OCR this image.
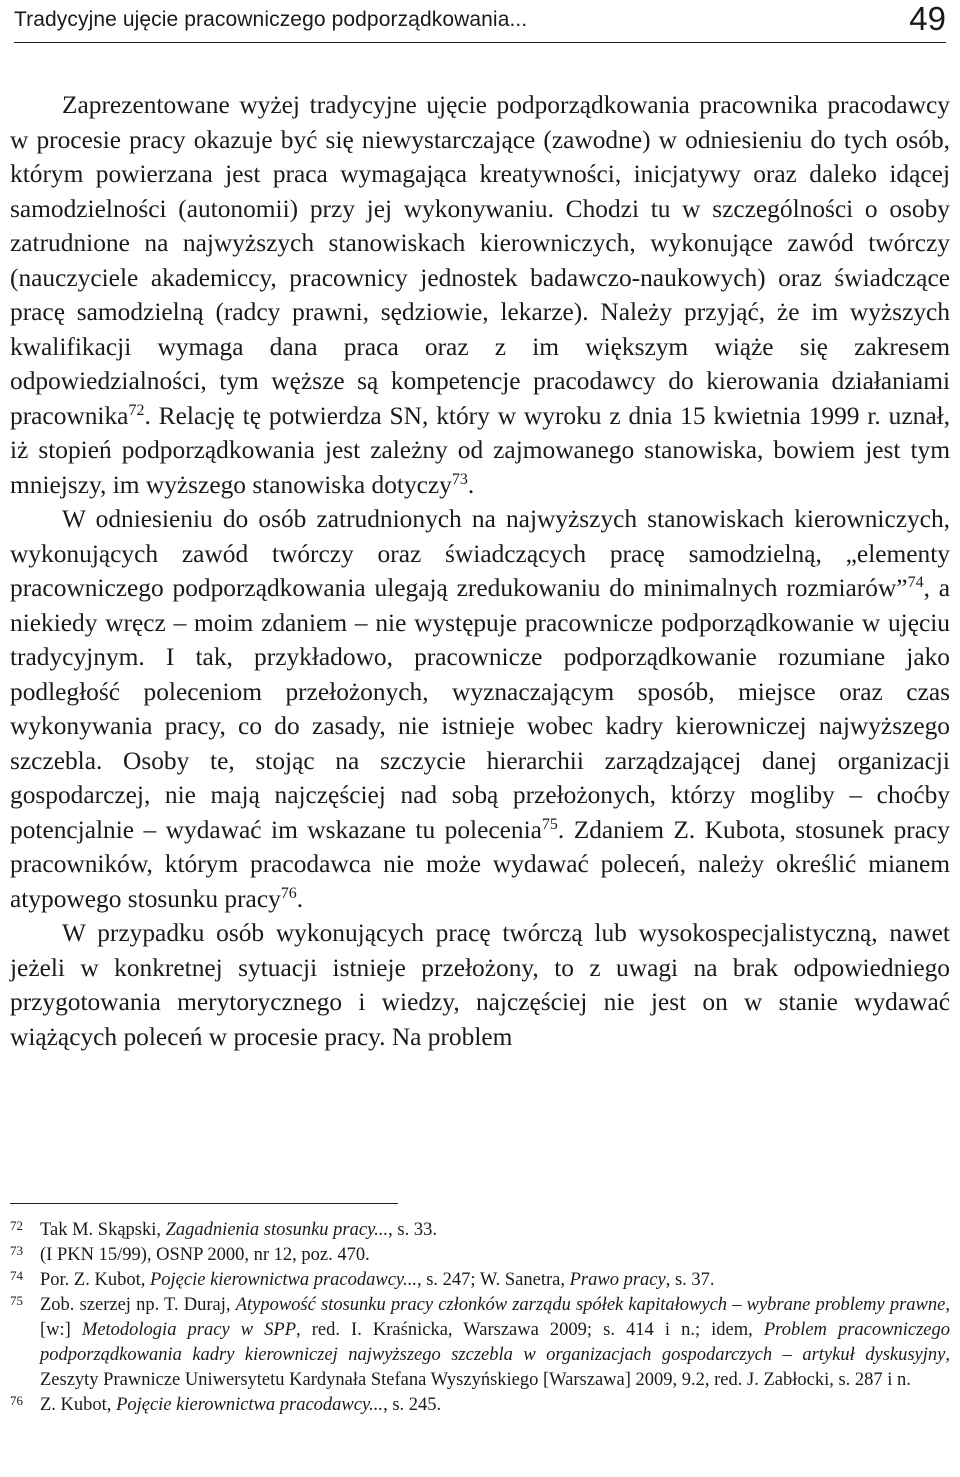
Tradycyjne ujęcie pracowniczego podporządkowania...	49

Zaprezentowane wyżej tradycyjne ujęcie podporządkowania pracownika pracodawcy w procesie pracy okazuje być się niewystarczające (zawodne) w odniesieniu do tych osób, którym powierzana jest praca wymagająca kreatywności, inicjatywy oraz daleko idącej samodzielności (autonomii) przy jej wykonywaniu. Chodzi tu w szczególności o osoby zatrudnione na najwyższych stanowiskach kierowniczych, wykonujące zawód twórczy (nauczyciele akademiccy, pracownicy jednostek badawczo-naukowych) oraz świadczące pracę samodzielną (radcy prawni, sędziowie, lekarze). Należy przyjąć, że im wyższych kwalifikacji wymaga dana praca oraz z im większym wiąże się zakresem odpowiedzialności, tym węższe są kompetencje pracodawcy do kierowania działaniami pracownika$^{72}$. Relację tę potwierdza SN, który w wyroku z dnia 15 kwietnia 1999 r. uznał, iż stopień podporządkowania jest zależny od zajmowanego stanowiska, bowiem jest tym mniejszy, im wyższego stanowiska dotyczy$^{73}$.

W odniesieniu do osób zatrudnionych na najwyższych stanowiskach kierowniczych, wykonujących zawód twórczy oraz świadczących pracę samodzielną, „elementy pracowniczego podporządkowania ulegają zredukowaniu do minimalnych rozmiarów”$^{74}$, a niekiedy wręcz – moim zdaniem – nie występuje pracownicze podporządkowanie w ujęciu tradycyjnym. I tak, przykładowo, pracownicze podporządkowanie rozumiane jako podległość poleceniom przełożonych, wyznaczającym sposób, miejsce oraz czas wykonywania pracy, co do zasady, nie istnieje wobec kadry kierowniczej najwyższego szczebla. Osoby te, stojąc na szczycie hierarchii zarządzającej danej organizacji gospodarczej, nie mają najczęściej nad sobą przełożonych, którzy mogliby – choćby potencjalnie – wydawać im wskazane tu polecenia$^{75}$. Zdaniem Z. Kubota, stosunek pracy pracowników, którym pracodawca nie może wydawać poleceń, należy określić mianem atypowego stosunku pracy$^{76}$.

W przypadku osób wykonujących pracę twórczą lub wysokospecjalistyczną, nawet jeżeli w konkretnej sytuacji istnieje przełożony, to z uwagi na brak odpowiedniego przygotowania merytorycznego i wiedzy, najczęściej nie jest on w stanie wydawać wiążących poleceń w procesie pracy. Na problem

72 Tak M. Skąpski, Zagadnienia stosunku pracy..., s. 33.
73 (I PKN 15/99), OSNP 2000, nr 12, poz. 470.
74 Por. Z. Kubot, Pojęcie kierownictwa pracodawcy..., s. 247; W. Sanetra, Prawo pracy, s. 37.
75 Zob. szerzej np. T. Duraj, Atypowość stosunku pracy członków zarządu spółek kapitałowych – wybrane problemy prawne, [w:] Metodologia pracy w SPP, red. I. Kraśnicka, Warszawa 2009; s. 414 i n.; idem, Problem pracowniczego podporządkowania kadry kierowniczej najwyższego szczebla w organizacjach gospodarczych – artykuł dyskusyjny, Zeszyty Prawnicze Uniwersytetu Kardynała Stefana Wyszyńskiego [Warszawa] 2009, 9.2, red. J. Zabłocki, s. 287 i n.
76 Z. Kubot, Pojęcie kierownictwa pracodawcy..., s. 245.
